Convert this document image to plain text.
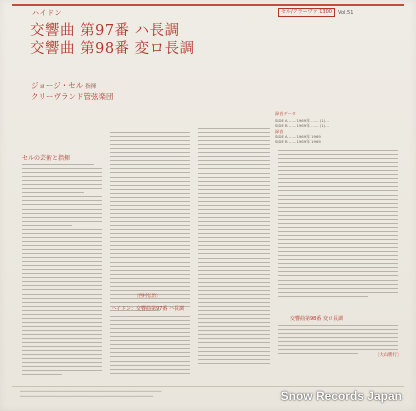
セル/クラーヴァ 1300	Vol.51
ハイドン
交響曲 第97番 ハ長調
交響曲 第98番 変ロ長調
ジョージ・セル 指揮
クリーヴランド管弦楽団
録音データ
SIDE A ……1969年 …… (1)…
SIDE B ……1969年 …… (1)…
録音
SIDE A ……1969年 1969
SIDE B ……1969年 1969
セルの芸術と指揮
〔西村弘治〕
ハイドン：交響曲第97番 ハ長調
交響曲第98番 変ロ長調
〔大山勝行〕
━━━━━━━━━━━━━━━━━━━━━━━━━━━━━━━━━━━━━━━━━━━━━━━━━━━━━━━━━━━━━━━━━━━━━━━━━━━━━━━━━━━━
━━━━━━━━━━━━━━━━━━━━━━━━━━━━━━━━━━━━━━━━━━━━━━━━━━━━━━━━━━━━━━━━━━━━━━━━━━━━━━━	Snow Records Japan
